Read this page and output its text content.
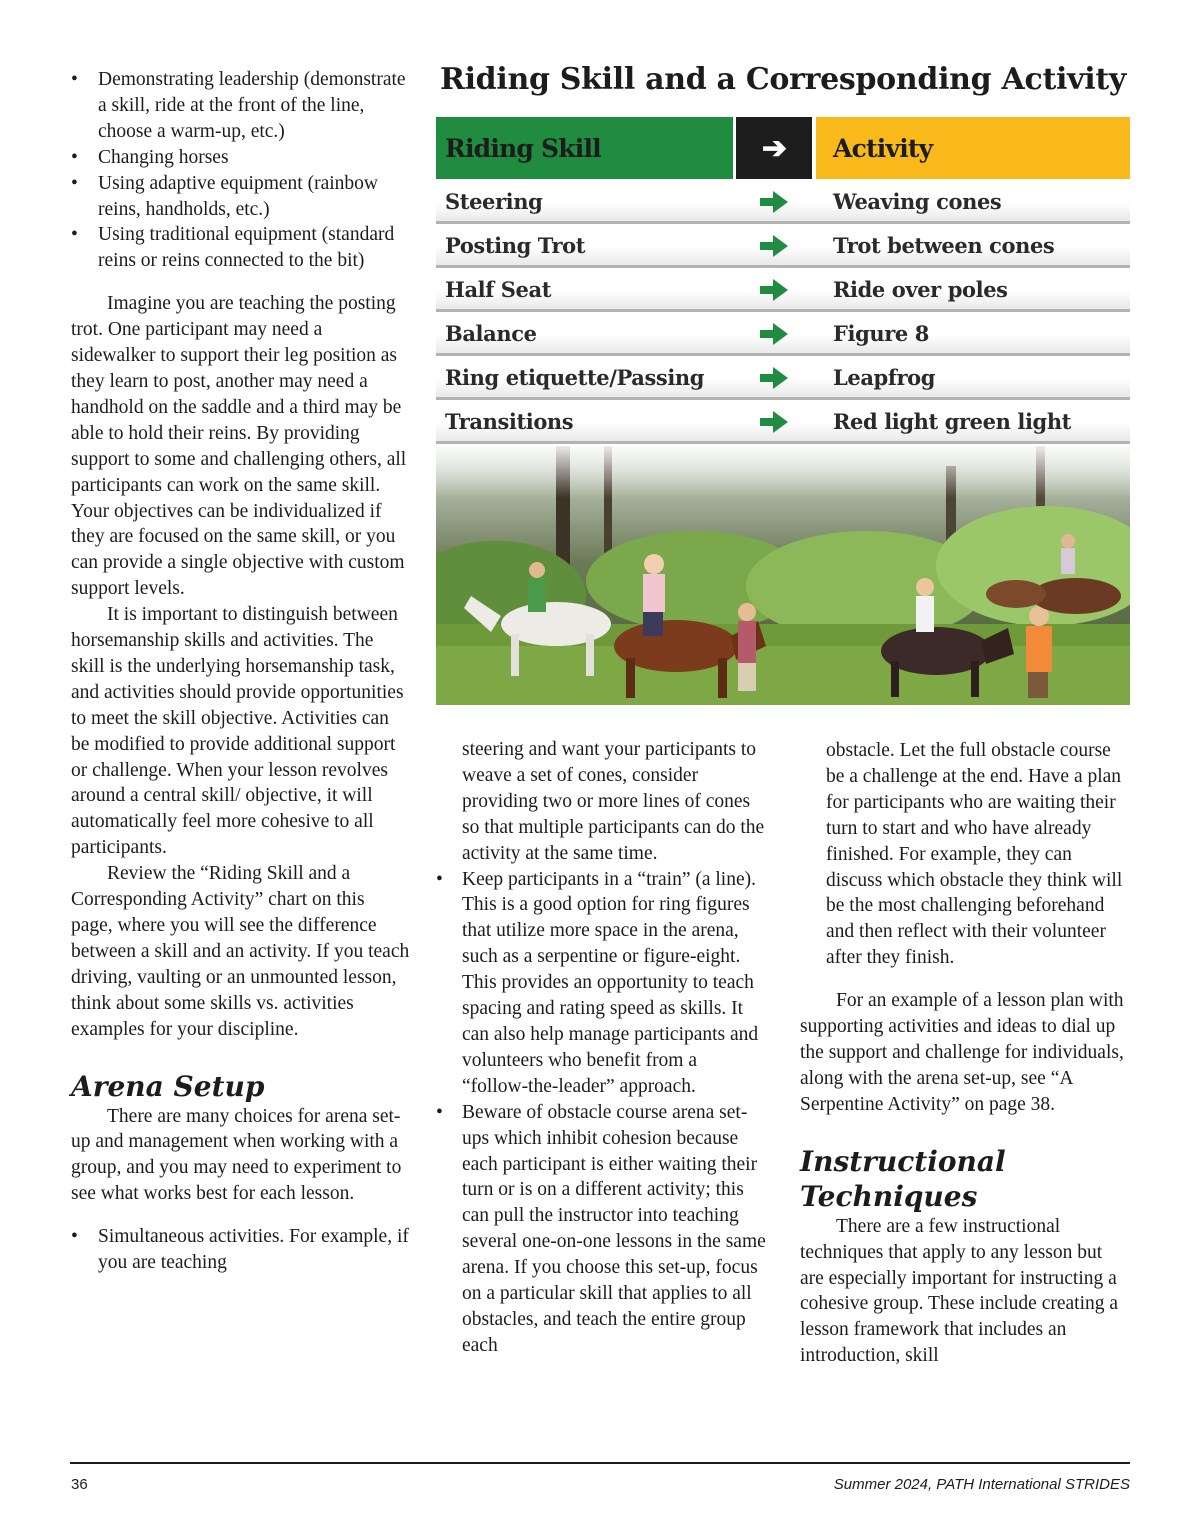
• Demonstrating leadership (demonstrate a skill, ride at the front of the line, choose a warm-up, etc.)
• Changing horses
• Using adaptive equipment (rainbow reins, handholds, etc.)
• Using traditional equipment (standard reins or reins connected to the bit)

Imagine you are teaching the posting trot. One participant may need a sidewalker to support their leg position as they learn to post, another may need a handhold on the saddle and a third may be able to hold their reins. By providing support to some and challenging others, all participants can work on the same skill. Your objectives can be individualized if they are focused on the same skill, or you can provide a single objective with custom support levels.

It is important to distinguish between horsemanship skills and activities. The skill is the underlying horsemanship task, and activities should provide opportunities to meet the skill objective. Activities can be modified to provide additional support or challenge. When your lesson revolves around a central skill/ objective, it will automatically feel more cohesive to all participants.

Review the “Riding Skill and a Corresponding Activity” chart on this page, where you will see the difference between a skill and an activity. If you teach driving, vaulting or an unmounted lesson, think about some skills vs. activities examples for your discipline.

Arena Setup

There are many choices for arena set-up and management when working with a group, and you may need to experiment to see what works best for each lesson.

• Simultaneous activities. For example, if you are teaching
Riding Skill and a Corresponding Activity
Riding Skill	➔	Activity
Steering	Weaving cones
Posting Trot	Trot between cones
Half Seat	Ride over poles
Balance	Figure 8
Ring etiquette/Passing	Leapfrog
Transitions	Red light green light

steering and want your participants to weave a set of cones, consider providing two or more lines of cones so that multiple participants can do the activity at the same time.

• Keep participants in a “train” (a line). This is a good option for ring figures that utilize more space in the arena, such as a serpentine or figure-eight. This provides an opportunity to teach spacing and rating speed as skills. It can also help manage participants and volunteers who benefit from a “follow-the-leader” approach.
• Beware of obstacle course arena set-ups which inhibit cohesion because each participant is either waiting their turn or is on a different activity; this can pull the instructor into teaching several one-on-one lessons in the same arena. If you choose this set-up, focus on a particular skill that applies to all obstacles, and teach the entire group each

obstacle. Let the full obstacle course be a challenge at the end. Have a plan for participants who are waiting their turn to start and who have already finished. For example, they can discuss which obstacle they think will be the most challenging beforehand and then reflect with their volunteer after they finish.

For an example of a lesson plan with supporting activities and ideas to dial up the support and challenge for individuals, along with the arena set-up, see “A Serpentine Activity” on page 38.

Instructional
Techniques

There are a few instructional techniques that apply to any lesson but are especially important for instructing a cohesive group. These include creating a lesson framework that includes an introduction, skill

36	Summer 2024, PATH International STRIDES
